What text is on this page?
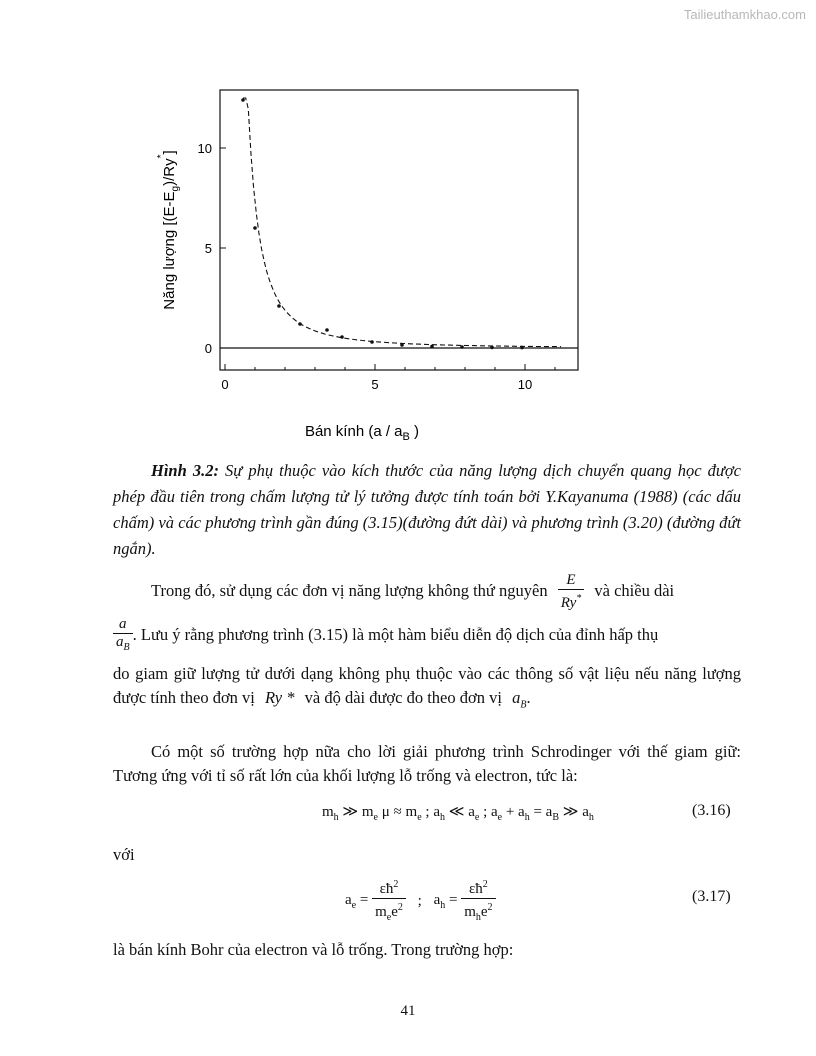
Tailieuthamkhao.com
0
5
10
0	5	10
Năng lượng $[(E-E_g)/Ry^*]$
Bán kính ($a / a_B$ )
Hình 3.2: Sự phụ thuộc vào kích thước của năng lượng dịch chuyển quang học được phép đầu tiên trong chấm lượng tử lý tưởng được tính toán bởi Y.Kayanuma (1988) (các dấu chấm) và các phương trình gần đúng (3.15)(đường đứt dài) và phương trình (3.20) (đường đứt ngắn).
Trong đó, sử dụng các đơn vị năng lượng không thứ nguyên $\frac{E}{Ry^*}$ và chiều dài
$\frac{a}{a_B}$ . Lưu ý rằng phương trình (3.15) là một hàm biểu diễn độ dịch của đỉnh hấp thụ
do giam giữ lượng tử dưới dạng không phụ thuộc vào các thông số vật liệu nếu năng lượng được tính theo đơn vị Ry * và độ dài được đo theo đơn vị $a_B$.
Có một số trường hợp nữa cho lời giải phương trình Schrodinger với thế giam giữ: Tương ứng với tỉ số rất lớn của khối lượng lỗ trống và electron, tức là:
$m_h$ ≫ $m_e$ $\mu \approx m_e$ ; $a_h$ ≪ $a_e$ ; $a_e + a_h = a_B$ ≫ $a_h$	(3.16)
với
$a_e = \frac{\varepsilon ħ^2}{m_ee^2}$ ; $a_h = \frac{\varepsilon ħ^2}{m_he^2}$	(3.17)
là bán kính Bohr của electron và lỗ trống. Trong trường hợp:
41
